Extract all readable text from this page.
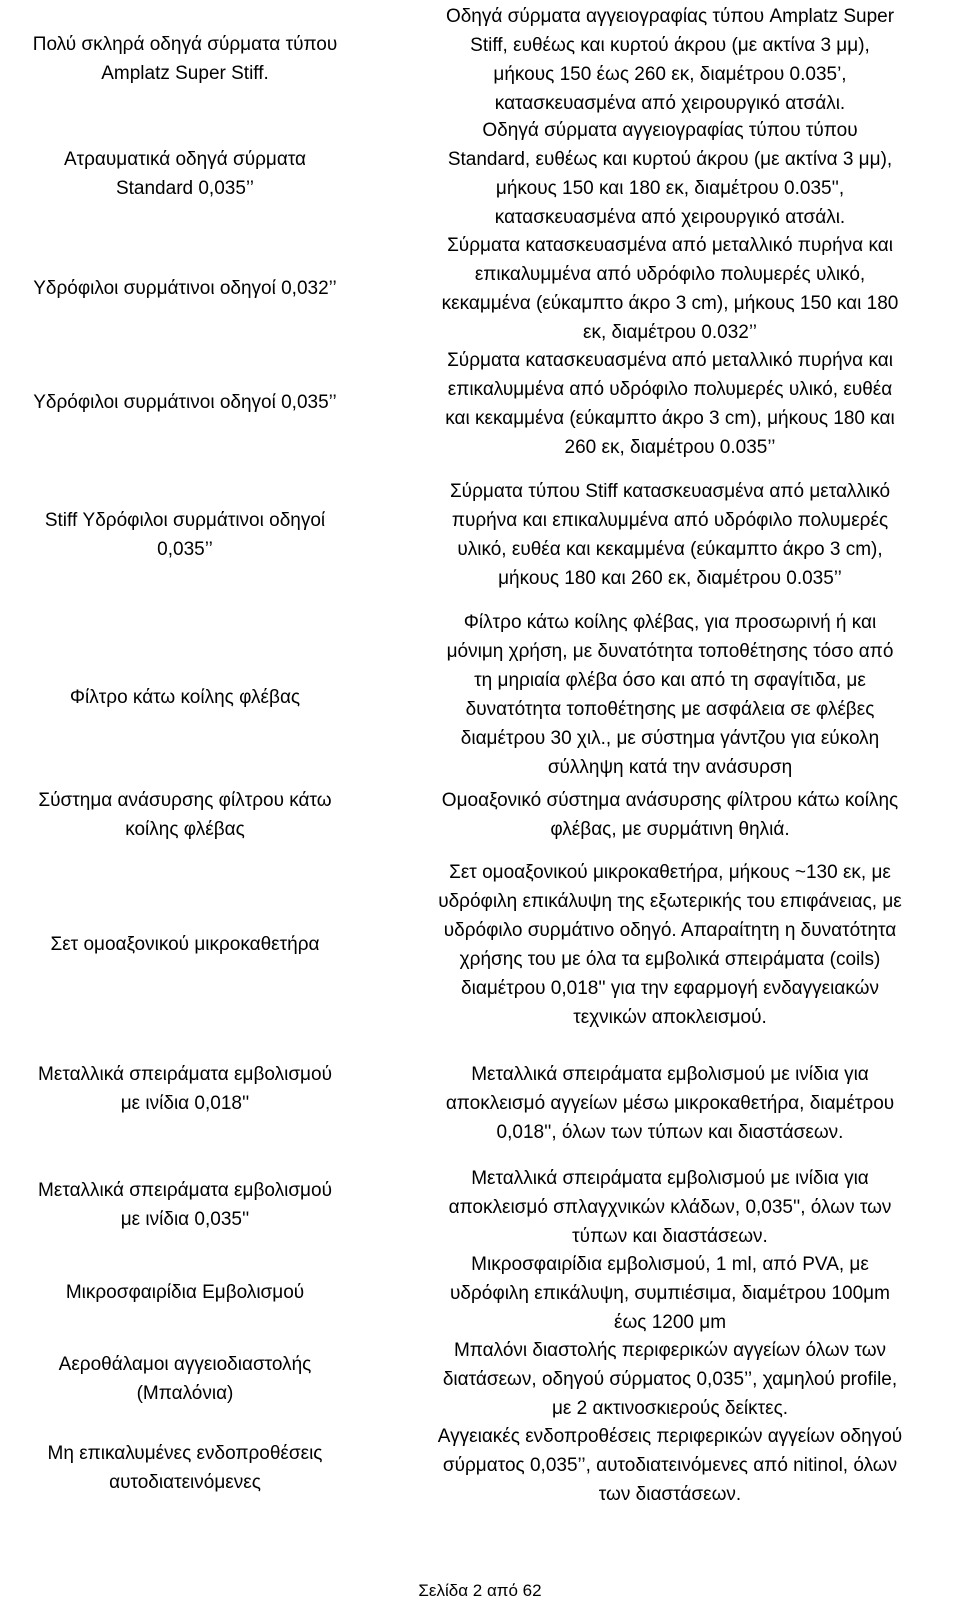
Πολύ σκληρά οδηγά σύρματα τύπου
Amplatz Super Stiff.
Οδηγά σύρματα αγγειογραφίας τύπου Amplatz Super
Stiff, ευθέως και κυρτού άκρου (με ακτίνα 3 μμ),
μήκους 150 έως 260 εκ, διαμέτρου 0.035’,
κατασκευασμένα από χειρουργικό ατσάλι.
Ατραυματικά οδηγά σύρματα
Standard 0,035’’
Οδηγά σύρματα αγγειογραφίας τύπου τύπου
Standard, ευθέως και κυρτού άκρου (με ακτίνα 3 μμ),
μήκους 150 και 180 εκ, διαμέτρου 0.035'',
κατασκευασμένα από χειρουργικό ατσάλι.
Υδρόφιλοι συρμάτινοι οδηγοί 0,032’’
Σύρματα κατασκευασμένα από μεταλλικό πυρήνα και
επικαλυμμένα από υδρόφιλο πολυμερές υλικό,
κεκαμμένα (εύκαμπτο άκρο 3 cm), μήκους 150 και 180
εκ, διαμέτρου 0.032’’
Υδρόφιλοι συρμάτινοι οδηγοί 0,035’’
Σύρματα κατασκευασμένα από μεταλλικό πυρήνα και
επικαλυμμένα από υδρόφιλο πολυμερές υλικό, ευθέα
και κεκαμμένα (εύκαμπτο άκρο 3 cm), μήκους 180 και
260 εκ, διαμέτρου 0.035’’
Stiff Υδρόφιλοι συρμάτινοι οδηγοί
0,035’’
Σύρματα τύπου Stiff κατασκευασμένα από μεταλλικό
πυρήνα και επικαλυμμένα από υδρόφιλο πολυμερές
υλικό, ευθέα και κεκαμμένα (εύκαμπτο άκρο 3 cm),
μήκους 180 και 260 εκ, διαμέτρου 0.035’’
Φίλτρο κάτω κοίλης φλέβας
Φίλτρο κάτω κοίλης φλέβας, για προσωρινή ή και
μόνιμη χρήση, με δυνατότητα τοποθέτησης τόσο από
τη μηριαία φλέβα όσο και από τη σφαγίτιδα, με
δυνατότητα τοποθέτησης με ασφάλεια σε φλέβες
διαμέτρου 30 χιλ., με σύστημα γάντζου για εύκολη
σύλληψη κατά την ανάσυρση
Σύστημα ανάσυρσης φίλτρου κάτω
κοίλης φλέβας
Ομοαξονικό σύστημα ανάσυρσης φίλτρου κάτω κοίλης
φλέβας, με συρμάτινη θηλιά.
Σετ ομοαξονικού μικροκαθετήρα
Σετ ομοαξονικού μικροκαθετήρα, μήκους ~130 εκ, με
υδρόφιλη επικάλυψη της εξωτερικής του επιφάνειας, με
υδρόφιλο συρμάτινο οδηγό. Απαραίτητη η δυνατότητα
χρήσης του με όλα τα εμβολικά σπειράματα (coils)
διαμέτρου 0,018'' για την εφαρμογή ενδαγγειακών
τεχνικών αποκλεισμού.
Μεταλλικά σπειράματα εμβολισμού
με ινίδια 0,018''
Μεταλλικά σπειράματα εμβολισμού με ινίδια για
αποκλεισμό αγγείων μέσω μικροκαθετήρα, διαμέτρου
0,018'', όλων των τύπων και διαστάσεων.
Μεταλλικά σπειράματα εμβολισμού
με ινίδια 0,035''
Μεταλλικά σπειράματα εμβολισμού με ινίδια για
αποκλεισμό σπλαγχνικών κλάδων, 0,035'', όλων των
τύπων και διαστάσεων.
Μικροσφαιρίδια Εμβολισμού
Μικροσφαιρίδια εμβολισμού, 1 ml, από PVA, με
υδρόφιλη επικάλυψη, συμπιέσιμα, διαμέτρου 100μm
έως 1200 μm
Αεροθάλαμοι αγγειοδιαστολής
(Μπαλόνια)
Μπαλόνι διαστολής περιφερικών αγγείων όλων των
διατάσεων, οδηγού σύρματος 0,035’’, χαμηλού profile,
με 2 ακτινοσκιερούς δείκτες.
Μη επικαλυμένες ενδοπροθέσεις
αυτοδιατεινόμενες
Αγγειακές ενδοπροθέσεις περιφερικών αγγείων οδηγού
σύρματος 0,035’’, αυτοδιατεινόμενες από nitinol, όλων
των διαστάσεων.
Σελίδα 2 από 62
